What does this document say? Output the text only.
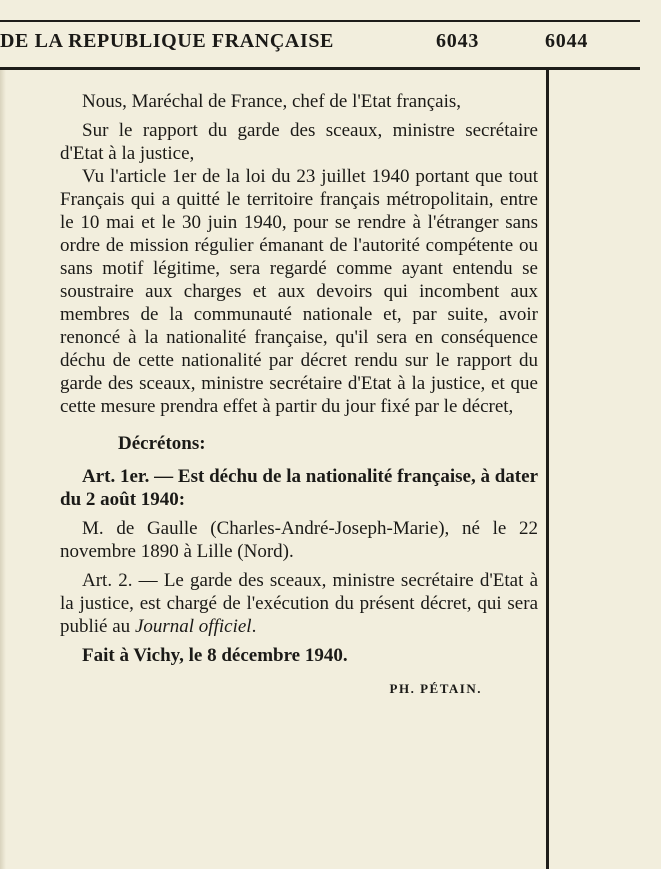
DE LA REPUBLIQUE FRANÇAISE	6043	6044

Nous, Maréchal de France, chef de l'Etat français,

Sur le rapport du garde des sceaux, ministre secrétaire d'Etat à la justice,

Vu l'article 1er de la loi du 23 juillet 1940 portant que tout Français qui a quitté le territoire français métropolitain, entre le 10 mai et le 30 juin 1940, pour se rendre à l'étranger sans ordre de mission régulier émanant de l'autorité compétente ou sans motif légitime, sera regardé comme ayant entendu se soustraire aux charges et aux devoirs qui incombent aux membres de la communauté nationale et, par suite, avoir renoncé à la nationalité française, qu'il sera en conséquence déchu de cette nationalité par décret rendu sur le rapport du garde des sceaux, ministre secrétaire d'Etat à la justice, et que cette mesure prendra effet à partir du jour fixé par le décret,

Décrétons:

Art. 1er. — Est déchu de la nationalité française, à dater du 2 août 1940:

M. de Gaulle (Charles-André-Joseph-Marie), né le 22 novembre 1890 à Lille (Nord).

Art. 2. — Le garde des sceaux, ministre secrétaire d'Etat à la justice, est chargé de l'exécution du présent décret, qui sera publié au Journal officiel.

Fait à Vichy, le 8 décembre 1940.

PH. PÉTAIN.
